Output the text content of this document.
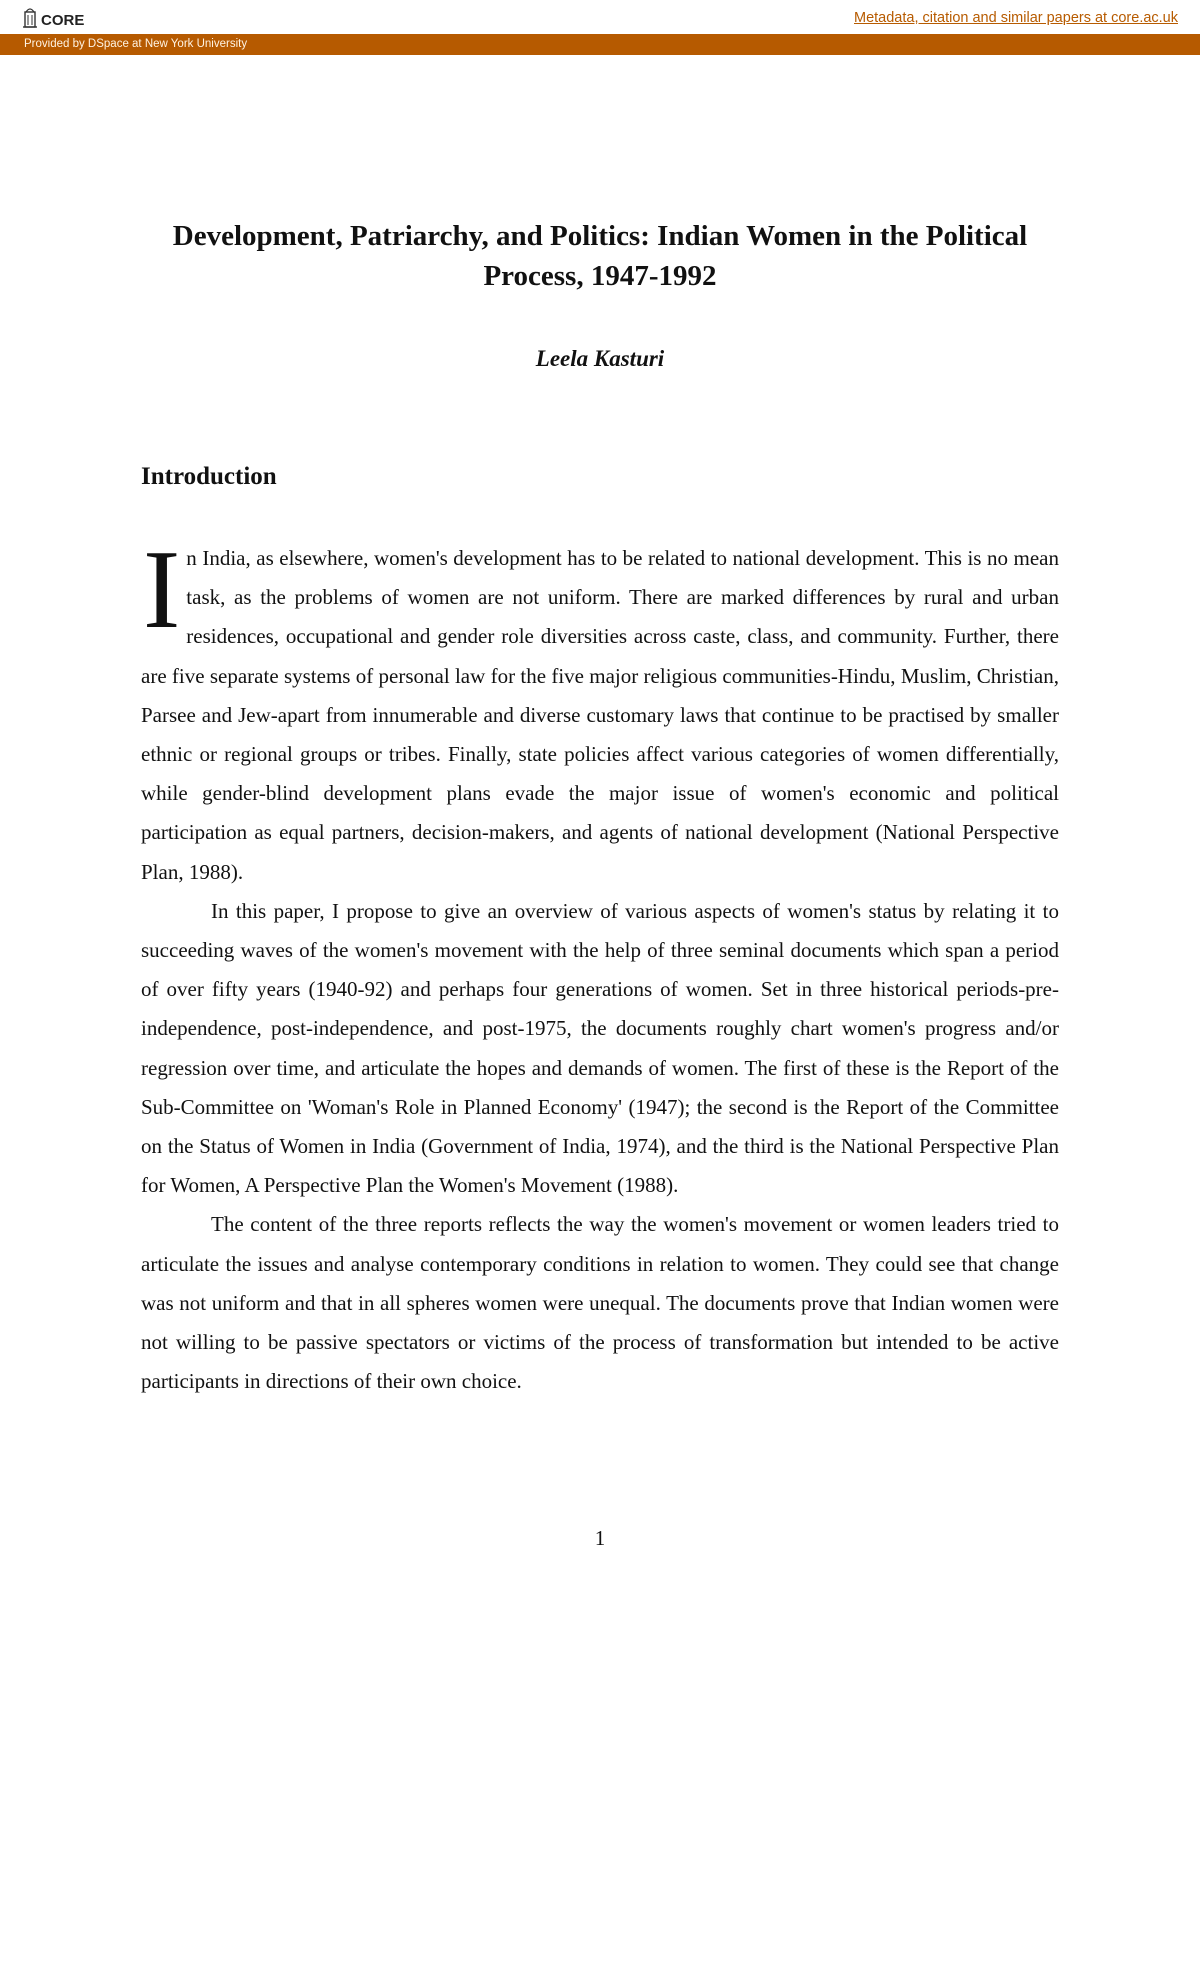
CORE	Metadata, citation and similar papers at core.ac.uk
Provided by DSpace at New York University
Development, Patriarchy, and Politics: Indian Women in the Political Process, 1947-1992
Leela Kasturi
Introduction

In India, as elsewhere, women's development has to be related to national development. This is no mean task, as the problems of women are not uniform. There are marked differences by rural and urban residences, occupational and gender role diversities across caste, class, and community. Further, there are five separate systems of personal law for the five major religious communities-Hindu, Muslim, Christian, Parsee and Jew-apart from innumerable and diverse customary laws that continue to be practised by smaller ethnic or regional groups or tribes. Finally, state policies affect various categories of women differentially, while gender-blind development plans evade the major issue of women's economic and political participation as equal partners, decision-makers, and agents of national development (National Perspective Plan, 1988).

In this paper, I propose to give an overview of various aspects of women's status by relating it to succeeding waves of the women's movement with the help of three seminal documents which span a period of over fifty years (1940-92) and perhaps four generations of women. Set in three historical periods-pre-independence, post-independence, and post-1975, the documents roughly chart women's progress and/or regression over time, and articulate the hopes and demands of women. The first of these is the Report of the Sub-Committee on 'Woman's Role in Planned Economy' (1947); the second is the Report of the Committee on the Status of Women in India (Government of India, 1974), and the third is the National Perspective Plan for Women, A Perspective Plan the Women's Movement (1988).

The content of the three reports reflects the way the women's movement or women leaders tried to articulate the issues and analyse contemporary conditions in relation to women. They could see that change was not uniform and that in all spheres women were unequal. The documents prove that Indian women were not willing to be passive spectators or victims of the process of transformation but intended to be active participants in directions of their own choice.

1
